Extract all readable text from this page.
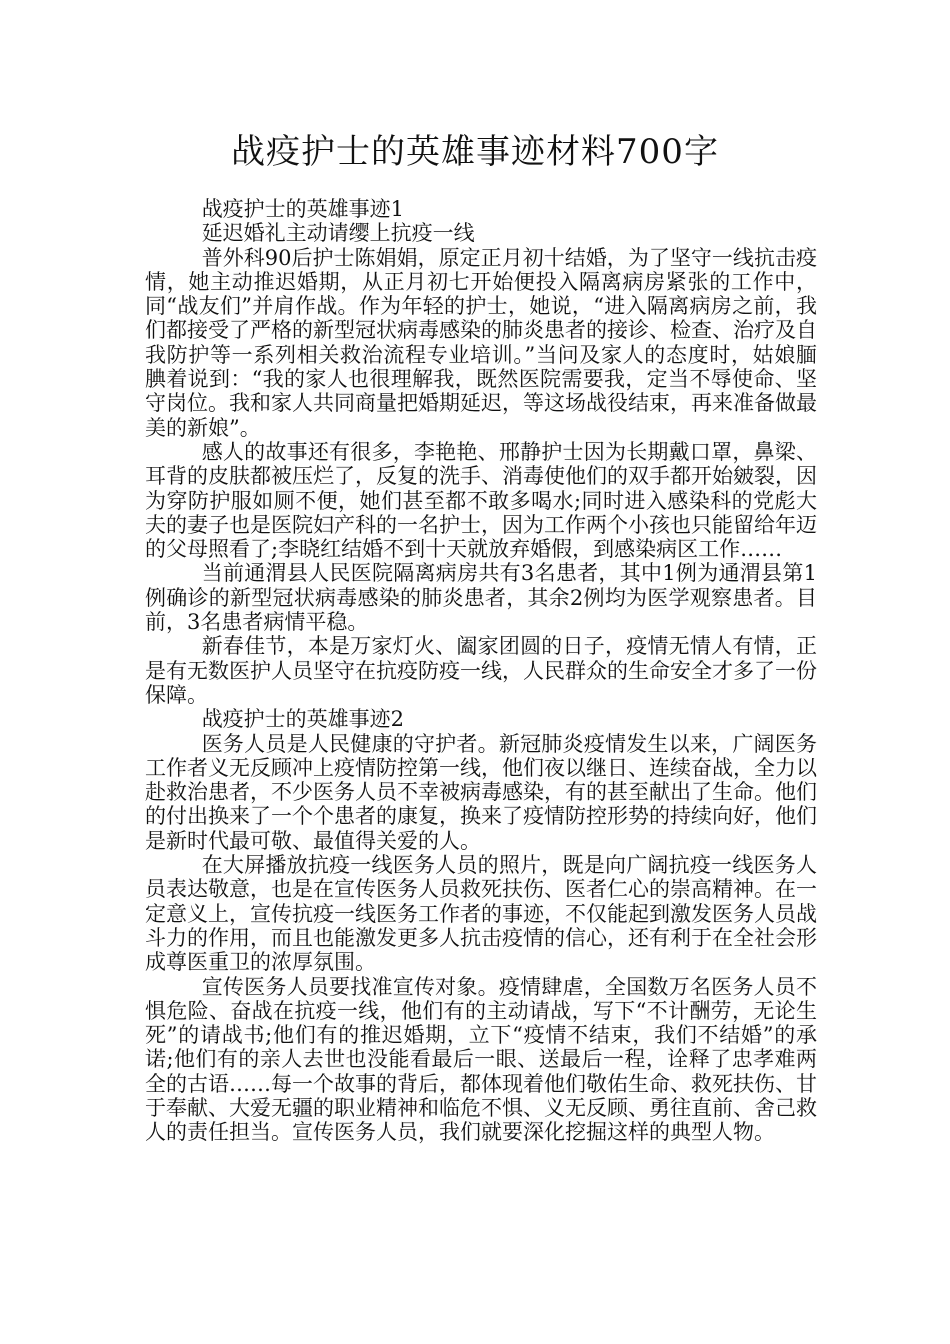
战疫护士的英雄事迹材料700字

战疫护士的英雄事迹1

延迟婚礼主动请缨上抗疫一线

普外科90后护士陈娟娟，原定正月初十结婚，为了坚守一线抗击疫情，她主动推迟婚期，从正月初七开始便投入隔离病房紧张的工作中，同“战友们”并肩作战。作为年轻的护士，她说，“进入隔离病房之前，我们都接受了严格的新型冠状病毒感染的肺炎患者的接诊、检查、治疗及自我防护等一系列相关救治流程专业培训。”当问及家人的态度时，姑娘腼腆着说到：“我的家人也很理解我，既然医院需要我，定当不辱使命、坚守岗位。我和家人共同商量把婚期延迟，等这场战役结束，再来准备做最美的新娘”。

感人的故事还有很多，李艳艳、邢静护士因为长期戴口罩，鼻梁、耳背的皮肤都被压烂了，反复的洗手、消毒使他们的双手都开始皴裂，因为穿防护服如厕不便，她们甚至都不敢多喝水;同时进入感染科的党彪大夫的妻子也是医院妇产科的一名护士，因为工作两个小孩也只能留给年迈的父母照看了;李晓红结婚不到十天就放弃婚假，到感染病区工作……

当前通渭县人民医院隔离病房共有3名患者，其中1例为通渭县第1例确诊的新型冠状病毒感染的肺炎患者，其余2例均为医学观察患者。目前，3名患者病情平稳。

新春佳节，本是万家灯火、阖家团圆的日子，疫情无情人有情，正是有无数医护人员坚守在抗疫防疫一线，人民群众的生命安全才多了一份保障。

战疫护士的英雄事迹2

医务人员是人民健康的守护者。新冠肺炎疫情发生以来，广阔医务工作者义无反顾冲上疫情防控第一线，他们夜以继日、连续奋战，全力以赴救治患者，不少医务人员不幸被病毒感染，有的甚至献出了生命。他们的付出换来了一个个患者的康复，换来了疫情防控形势的持续向好，他们是新时代最可敬、最值得关爱的人。

在大屏播放抗疫一线医务人员的照片，既是向广阔抗疫一线医务人员表达敬意，也是在宣传医务人员救死扶伤、医者仁心的崇高精神。在一定意义上，宣传抗疫一线医务工作者的事迹，不仅能起到激发医务人员战斗力的作用，而且也能激发更多人抗击疫情的信心，还有利于在全社会形成尊医重卫的浓厚氛围。

宣传医务人员要找准宣传对象。疫情肆虐，全国数万名医务人员不惧危险、奋战在抗疫一线，他们有的主动请战，写下“不计酬劳，无论生死”的请战书;他们有的推迟婚期，立下“疫情不结束，我们不结婚”的承诺;他们有的亲人去世也没能看最后一眼、送最后一程，诠释了忠孝难两全的古语……每一个故事的背后，都体现着他们敬佑生命、救死扶伤、甘于奉献、大爱无疆的职业精神和临危不惧、义无反顾、勇往直前、舍己救人的责任担当。宣传医务人员，我们就要深化挖掘这样的典型人物。
